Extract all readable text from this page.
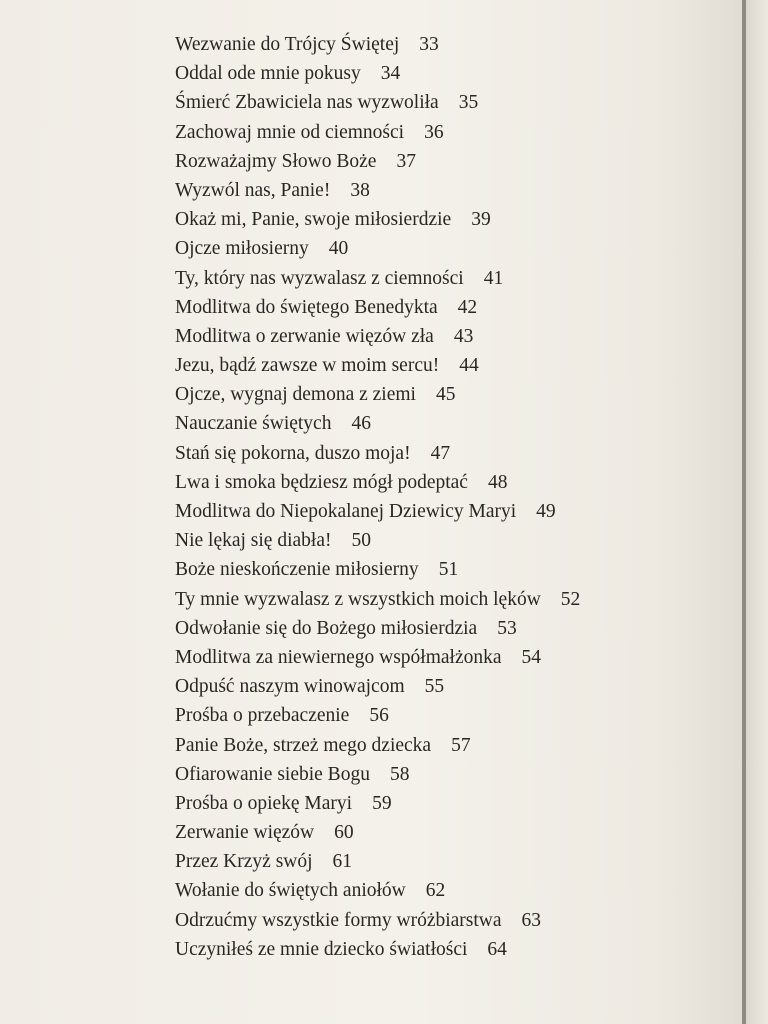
Wezwanie do Trójcy Świętej 33
Oddal ode mnie pokusy 34
Śmierć Zbawiciela nas wyzwoliła 35
Zachowaj mnie od ciemności 36
Rozważajmy Słowo Boże 37
Wyzwól nas, Panie! 38
Okaż mi, Panie, swoje miłosierdzie 39
Ojcze miłosierny 40
Ty, który nas wyzwalasz z ciemności 41
Modlitwa do świętego Benedykta 42
Modlitwa o zerwanie więzów zła 43
Jezu, bądź zawsze w moim sercu! 44
Ojcze, wygnaj demona z ziemi 45
Nauczanie świętych 46
Stań się pokorna, duszo moja! 47
Lwa i smoka będziesz mógł podeptać 48
Modlitwa do Niepokalanej Dziewicy Maryi 49
Nie lękaj się diabła! 50
Boże nieskończenie miłosierny 51
Ty mnie wyzwalasz z wszystkich moich lęków 52
Odwołanie się do Bożego miłosierdzia 53
Modlitwa za niewiernego współmałżonka 54
Odpuść naszym winowajcom 55
Prośba o przebaczenie 56
Panie Boże, strzeż mego dziecka 57
Ofiarowanie siebie Bogu 58
Prośba o opiekę Maryi 59
Zerwanie więzów 60
Przez Krzyż swój 61
Wołanie do świętych aniołów 62
Odrzućmy wszystkie formy wróżbiarstwa 63
Uczyniłeś ze mnie dziecko światłości 64
